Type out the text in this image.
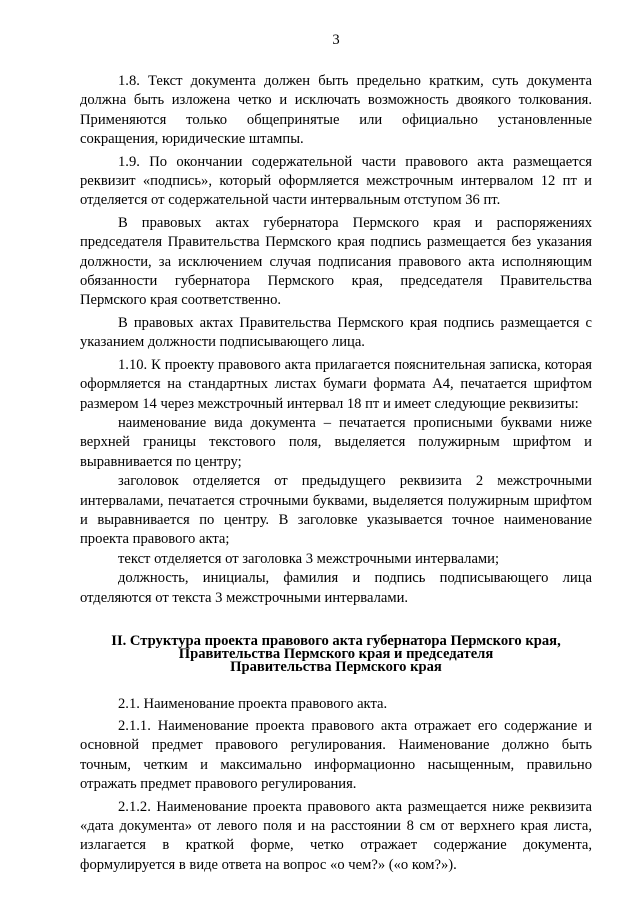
3

1.8. Текст документа должен быть предельно кратким, суть документа должна быть изложена четко и исключать возможность двоякого толкования. Применяются только общепринятые или официально установленные сокращения, юридические штампы.

1.9. По окончании содержательной части правового акта размещается реквизит «подпись», который оформляется межстрочным интервалом 12 пт и отделяется от содержательной части интервальным отступом 36 пт.

В правовых актах губернатора Пермского края и распоряжениях председателя Правительства Пермского края подпись размещается без указания должности, за исключением случая подписания правового акта исполняющим обязанности губернатора Пермского края, председателя Правительства Пермского края соответственно.

В правовых актах Правительства Пермского края подпись размещается с указанием должности подписывающего лица.

1.10. К проекту правового акта прилагается пояснительная записка, которая оформляется на стандартных листах бумаги формата А4, печатается шрифтом размером 14 через межстрочный интервал 18 пт и имеет следующие реквизиты:

наименование вида документа – печатается прописными буквами ниже верхней границы текстового поля, выделяется полужирным шрифтом и выравнивается по центру;

заголовок отделяется от предыдущего реквизита 2 межстрочными интервалами, печатается строчными буквами, выделяется полужирным шрифтом и выравнивается по центру. В заголовке указывается точное наименование проекта правового акта;

текст отделяется от заголовка 3 межстрочными интервалами;

должность, инициалы, фамилия и подпись подписывающего лица отделяются от текста 3 межстрочными интервалами.

II. Структура проекта правового акта губернатора Пермского края,
Правительства Пермского края и председателя
Правительства Пермского края

2.1. Наименование проекта правового акта.

2.1.1. Наименование проекта правового акта отражает его содержание и основной предмет правового регулирования. Наименование должно быть точным, четким и максимально информационно насыщенным, правильно отражать предмет правового регулирования.

2.1.2. Наименование проекта правового акта размещается ниже реквизита «дата документа» от левого поля и на расстоянии 8 см от верхнего края листа, излагается в краткой форме, четко отражает содержание документа, формулируется в виде ответа на вопрос «о чем?» («о ком?»).
